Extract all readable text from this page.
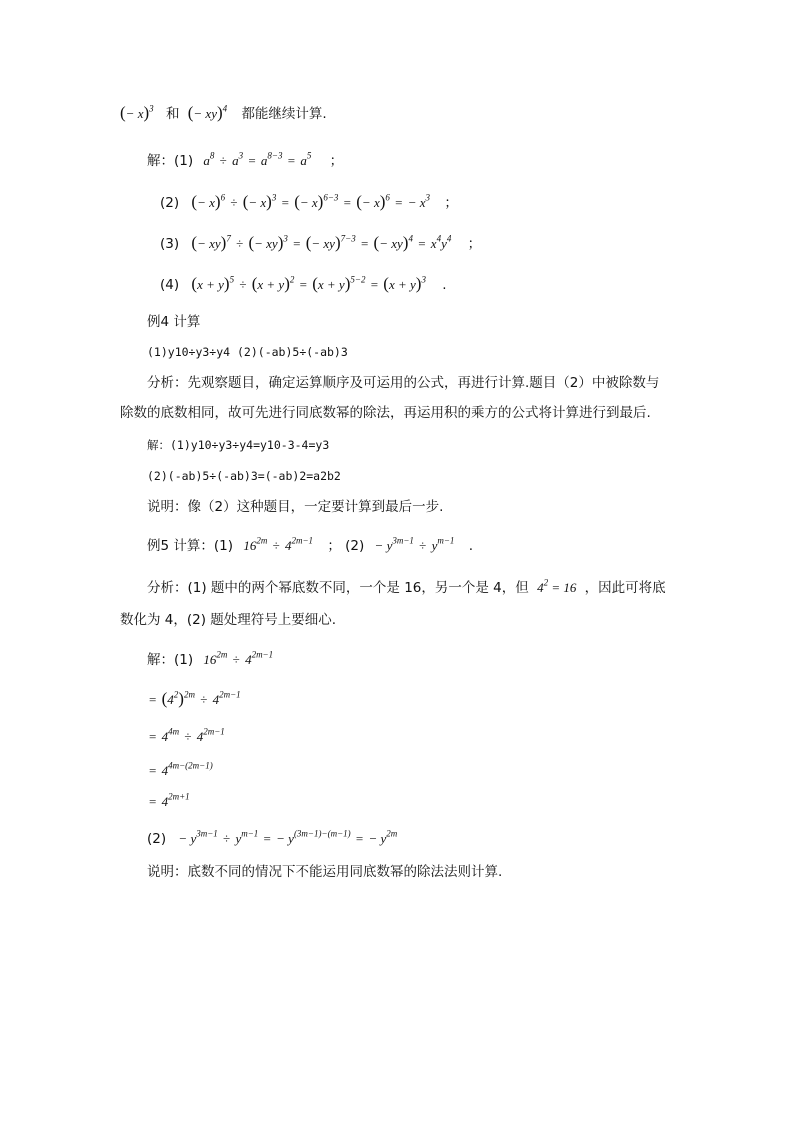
(− x)$^3$ 和 (− xy)$^4$ 都能继续计算.
解：(1) $a^8 \div a^3 = a^{8-3} = a^5$ ；
(2) (− x)$^6$ ÷ (− x)$^3$ = (− x)$^{6-3}$ = (− x)$^6$ = − $x^3$ ；
(3) (− xy)$^7$ ÷ (− xy)$^3$ = (− xy)$^{7-3}$ = (− $xy)^4 = x^4y^4$ ；
(4) $(x + y)^5 \div (x + y)^2 = (x + y)^{5-2} = (x + y)^3$ .
例4 计算
(1)y10÷y3÷y4 (2)(-ab)5÷(-ab)3
分析：先观察题目，确定运算顺序及可运用的公式，再进行计算.题目（2）中被除数与
除数的底数相同，故可先进行同底数幂的除法，再运用积的乘方的公式将计算进行到最后.
解：(1)y10÷y3÷y4=y10-3-4=y3
(2)(-ab)5÷(-ab)3=(-ab)2=a2b2
说明：像（2）这种题目，一定要计算到最后一步.
例5 计算：(1) $16^{2m} \div 4^{2m-1}$ ； $(2) - y^{3m-1} \div y^{m-1}$ .
分析：(1) 题中的两个幂底数不同，一个是 16，另一个是 4，但 $4^2 = 16$ ，因此可将底
数化为 4，(2) 题处理符号上要细心.
解：(1) $16^{2m} \div 4^{2m-1}$
= $(4^2)^{2m} \div 4^{2m-1}$
= $4^{4m} \div 4^{2m-1}$
= $4^{4m-(2m-1)}$
= $4^{2m+1}$
$(2) - y^{3m-1} \div y^{m-1}$ = − $y^{(3m-1)-(m-1)}$ = − $y^{2m}$
说明：底数不同的情况下不能运用同底数幂的除法法则计算.
